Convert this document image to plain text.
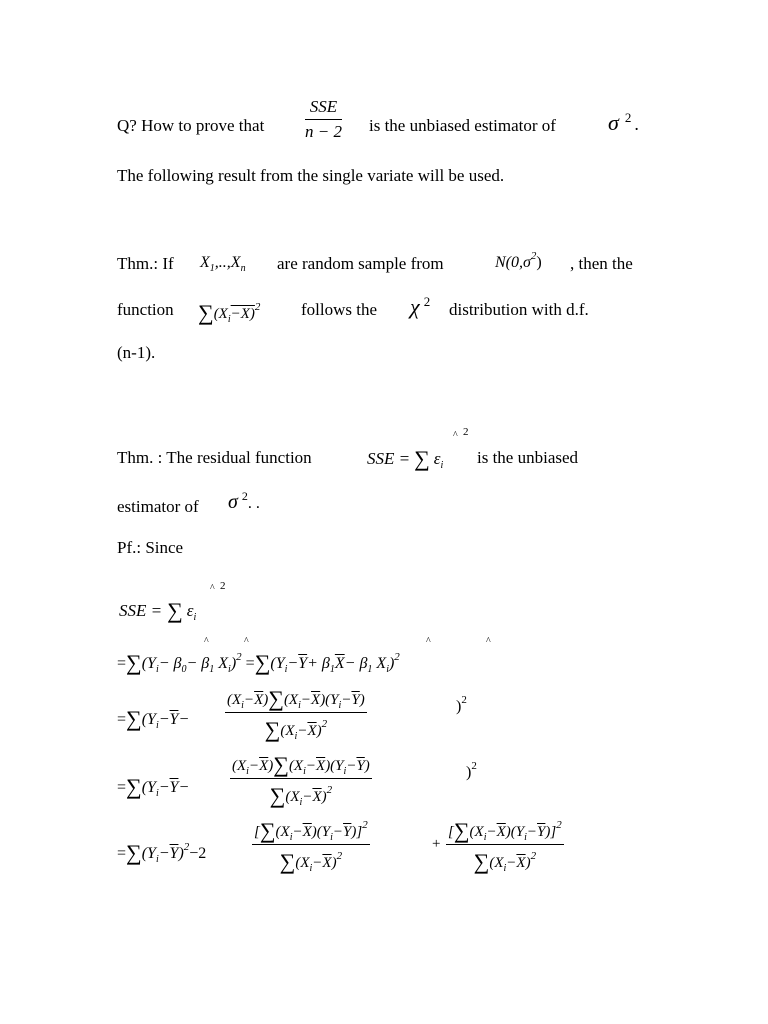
Q? How to prove that
SSE
n − 2 is the unbiased estimator of σ $^2$ .
The following result from the single variate will be used.
Thm.: If $X_1,..,X_n$ are random sample from	$N(0,\sigma^2)$ , then the
function $\sum(X_i-X)^2$ follows the χ $^2$ distribution with d.f.
(n-1).
Thm. : The residual function	SSE = ∑ $\varepsilon_i$
^ 2
is the unbiased
estimator of σ $^2$. .
Pf.: Since
SSE = ∑ $\varepsilon_i$
^ 2
$=\sum(Y_i- \beta_0- \beta_1$ $X_i)^2 =\sum(Y_i-\overline{Y}+ \beta_1\overline{X}- \beta_1$ $X_i)^2$
^	^	^	^
$=\sum(Y_i-\overline{Y}- \frac{(X_i-\overline{X})\sum(X_i-\overline{X})(Y_i-\overline{Y})}{\sum(X_i-\overline{X})^2}$	)$^2$
$=\sum(Y_i-\overline{Y}-$	$\frac{(X_i-\overline{X})\sum(X_i-\overline{X})(Y_i-\overline{Y})}{\sum(X_i-\overline{X})^2}$	)$^2$
$=\sum(Y_i-\overline{Y})^2-2$	$\frac{[\sum(X_i-\overline{X})(Y_i-\overline{Y})]^2}{\sum(X_i-\overline{X})^2}$	+ $\frac{[\sum(X_i-\overline{X})(Y_i-\overline{Y})]^2}{\sum(X_i-\overline{X})^2}$
